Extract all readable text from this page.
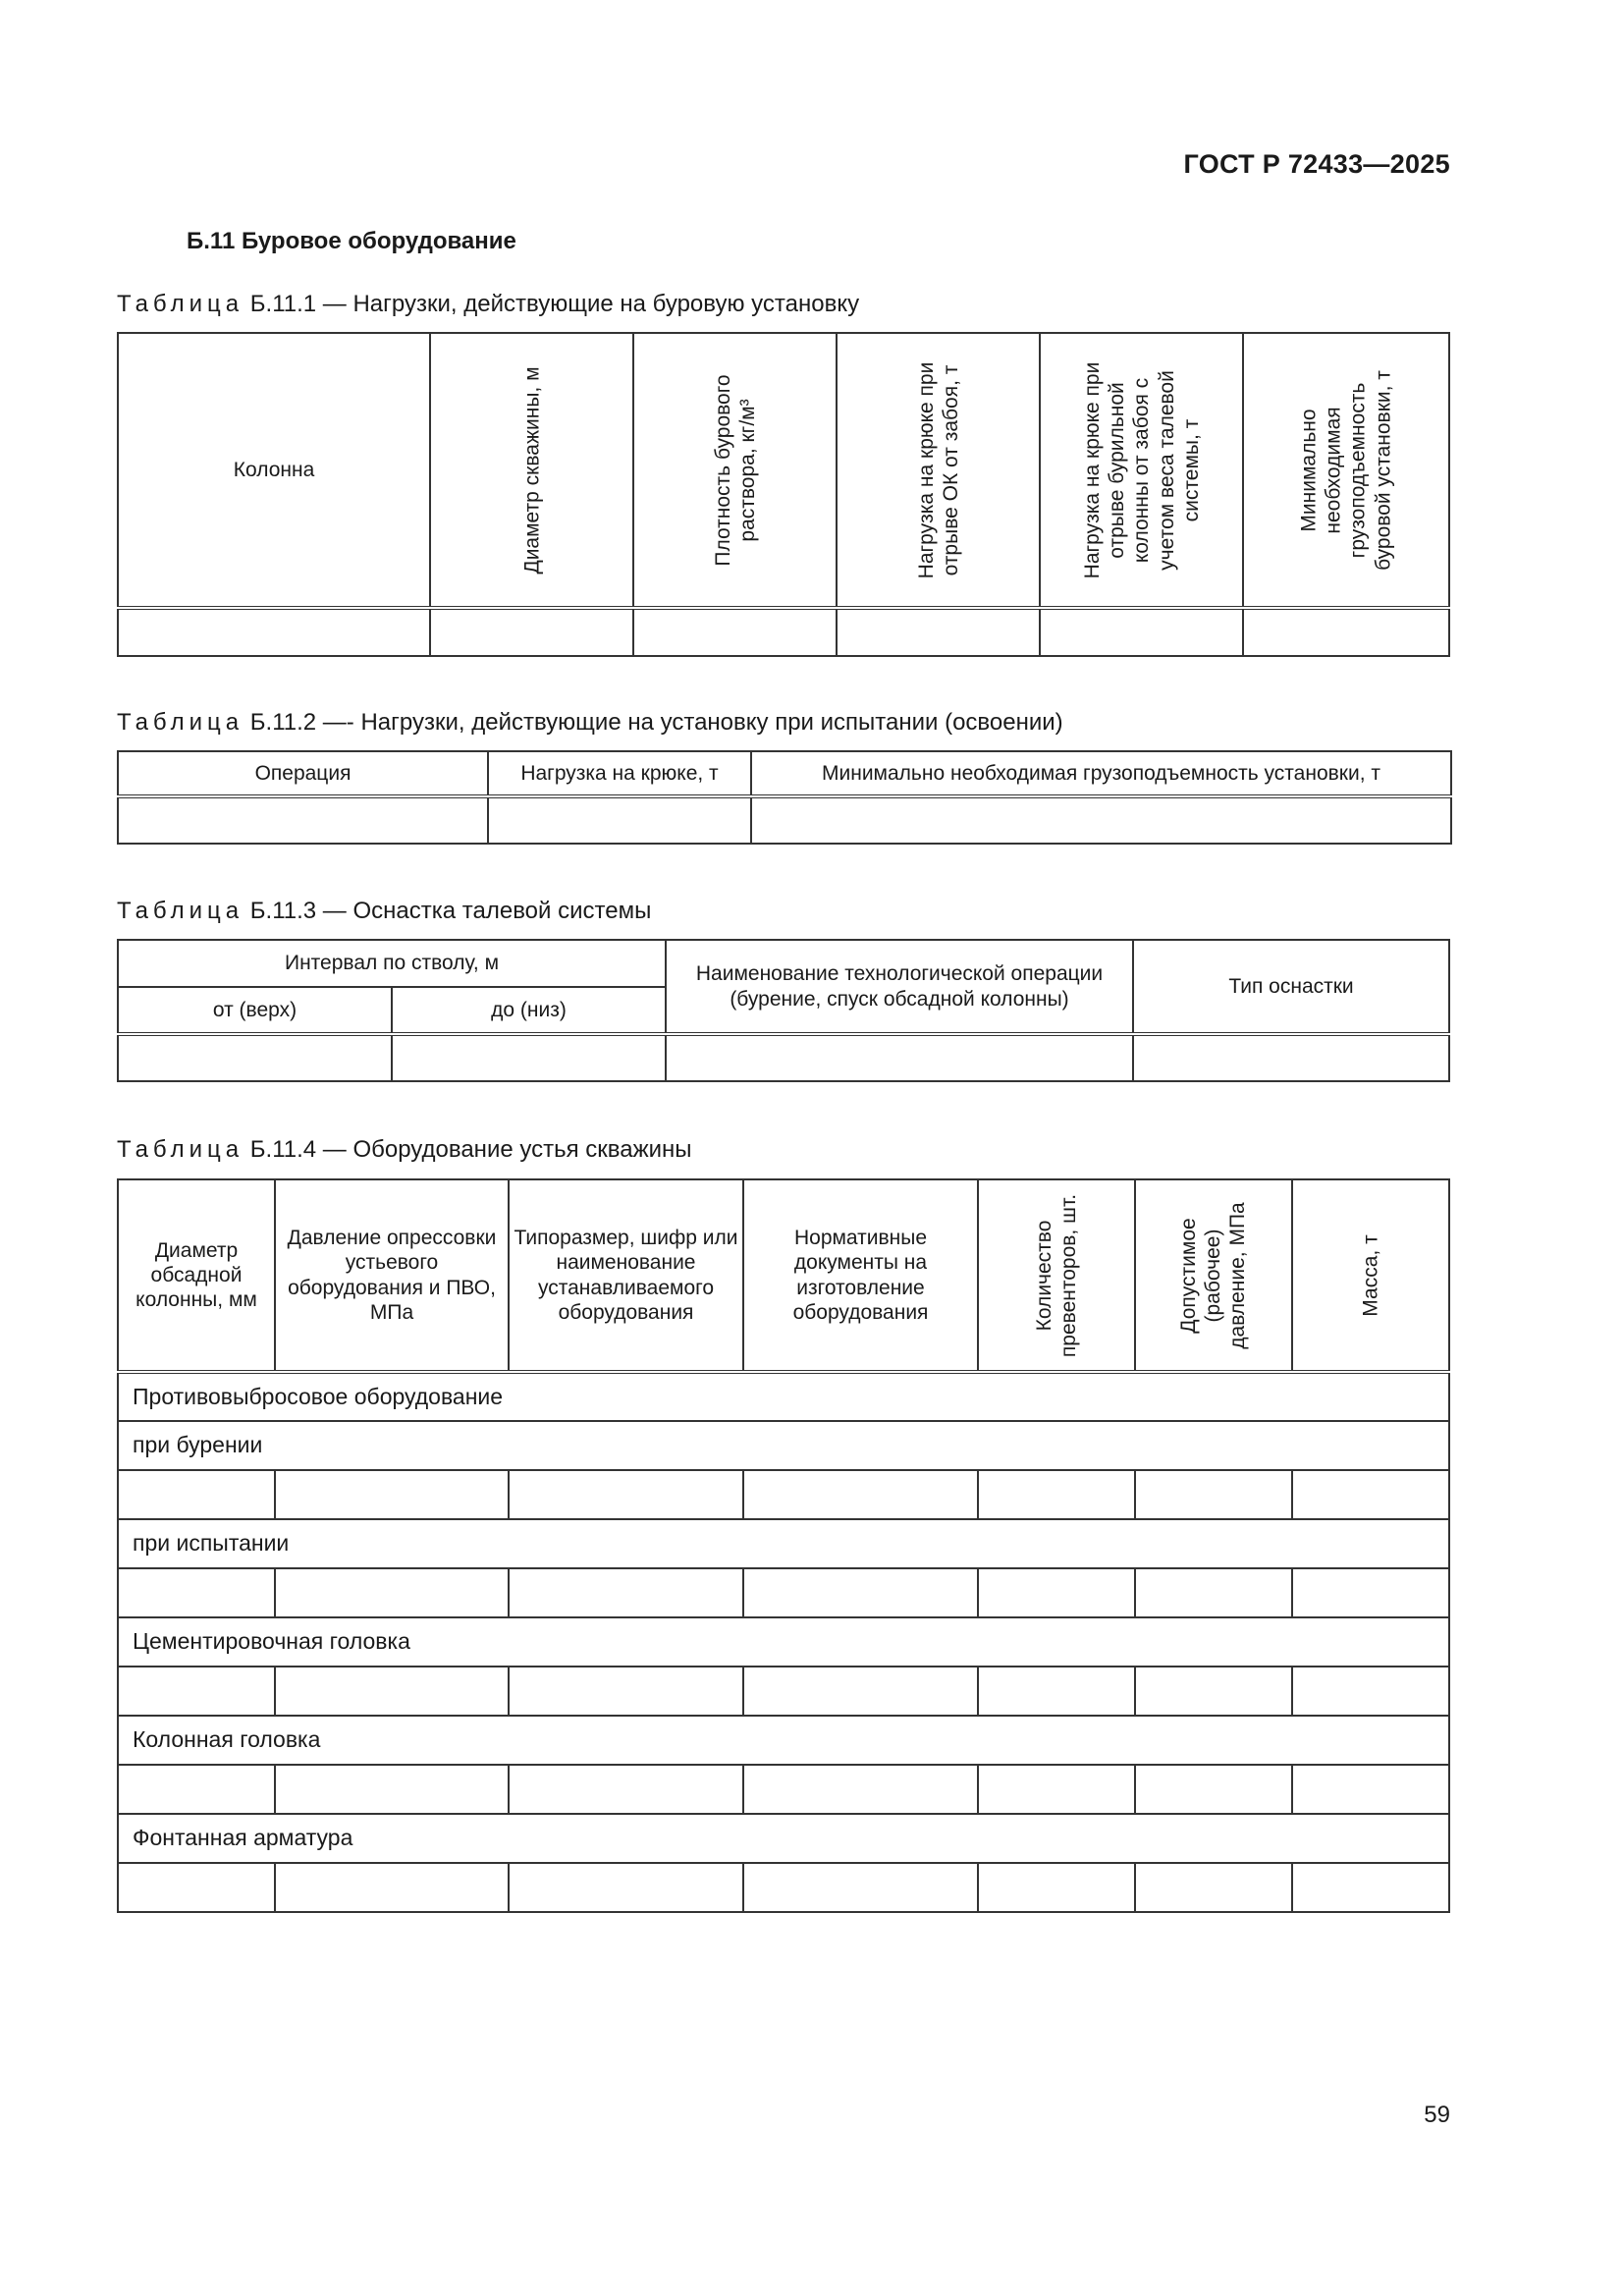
ГОСТ Р 72433—2025
Б.11 Буровое оборудование
Таблица Б.11.1 — Нагрузки, действующие на буровую установку
Колонна	Диаметр скважины, м	Плотность бурового раствора, кг/м³	Нагрузка на крюке при отрыве ОК от забоя, т	Нагрузка на крюке при отрыве бурильной колонны от забоя с учетом веса талевой системы, т	Минимально необходимая грузоподъемность буровой установки, т

Таблица Б.11.2 —- Нагрузки, действующие на установку при испытании (освоении)
Операция	Нагрузка на крюке, т	Минимально необходимая грузоподъемность установки, т

Таблица Б.11.3 — Оснастка талевой системы
Интервал по стволу, м		Наименование технологической операции (бурение, спуск обсадной колонны)	Тип оснастки
от (верх)	до (низ)		

Таблица Б.11.4 — Оборудование устья скважины
Диаметр обсадной колонны, мм	Давление опрессовки устьевого оборудования и ПВО, МПа	Типоразмер, шифр или наименование устанавливаемого оборудования	Нормативные документы на изготовление оборудования	Количество превенторов, шт.	Допустимое (рабочее) давление, МПа	Масса, т

Противовыбросовое оборудование						
при бурении						

при испытании						

Цементировочная головка						

Колонная головка						

Фонтанная арматура						

59
